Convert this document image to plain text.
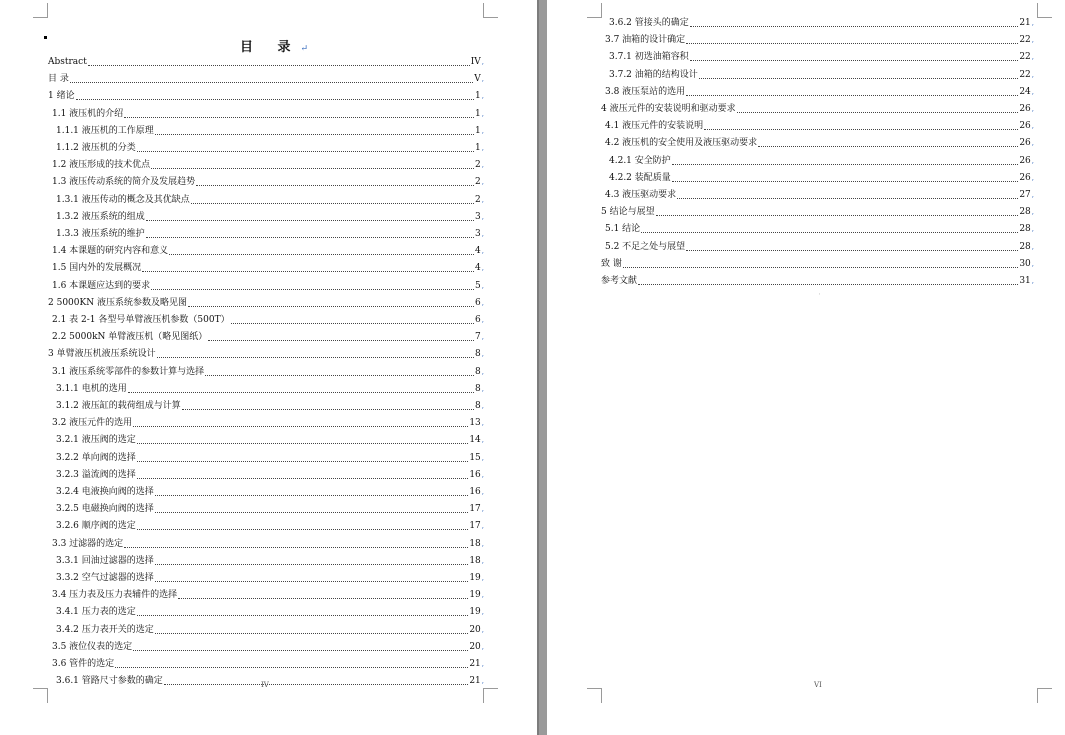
目 录↵
Abstract	IV ,
目 录	V ,
1 绪论	1 ,
1.1 液压机的介绍	1 ,
1.1.1 液压机的工作原理	1 ,
1.1.2 液压机的分类	1 ,
1.2 液压形成的技术优点	2 ,
1.3 液压传动系统的简介及发展趋势	2 ,
1.3.1 液压传动的概念及其优缺点	2 ,
1.3.2 液压系统的组成	3 ,
1.3.3 液压系统的维护	3 ,
1.4 本课题的研究内容和意义	4 ,
1.5 国内外的发展概况	4 ,
1.6 本课题应达到的要求	5 ,
2 5000KN 液压系统参数及略见图	6 ,
2.1 表 2-1 各型号单臂液压机参数（500T）	6 ,
2.2 5000kN 单臂液压机（略见图纸）	7 ,
3 单臂液压机液压系统设计	8 ,
3.1 液压系统零部件的参数计算与选择	8 ,
3.1.1 电机的选用	8 ,
3.1.2 液压缸的载荷组成与计算	8 ,
3.2 液压元件的选用	13 ,
3.2.1 液压阀的选定	14 ,
3.2.2 单向阀的选择	15 ,
3.2.3 溢流阀的选择	16 ,
3.2.4 电液换向阀的选择	16 ,
3.2.5 电磁换向阀的选择	17 ,
3.2.6 顺序阀的选定	17 ,
3.3 过滤器的选定	18 ,
3.3.1 回油过滤器的选择	18 ,
3.3.2 空气过滤器的选择	19 ,
3.4 压力表及压力表辅件的选择	19 ,
3.4.1 压力表的选定	19 ,
3.4.2 压力表开关的选定	20 ,
3.5 液位仪表的选定	20 ,
3.6 管件的选定	21 ,
3.6.1 管路尺寸参数的确定	21 ,
IV
3.6.2 管接头的确定	21 ,
3.7 油箱的设计确定	22 ,
3.7.1 初选油箱容积	22 ,
3.7.2 油箱的结构设计	22 ,
3.8 液压泵站的选用	24 ,
4 液压元件的安装说明和驱动要求	26 ,
4.1 液压元件的安装说明	26 ,
4.2 液压机的安全使用及液压驱动要求	26 ,
4.2.1 安全防护	26 ,
4.2.2 装配质量	26 ,
4.3 液压驱动要求	27 ,
5 结论与展望	28 ,
5.1 结论	28 ,
5.2 不足之处与展望	28 ,
致 谢	30 ,
参考文献	31 ,
ˌ
VI
